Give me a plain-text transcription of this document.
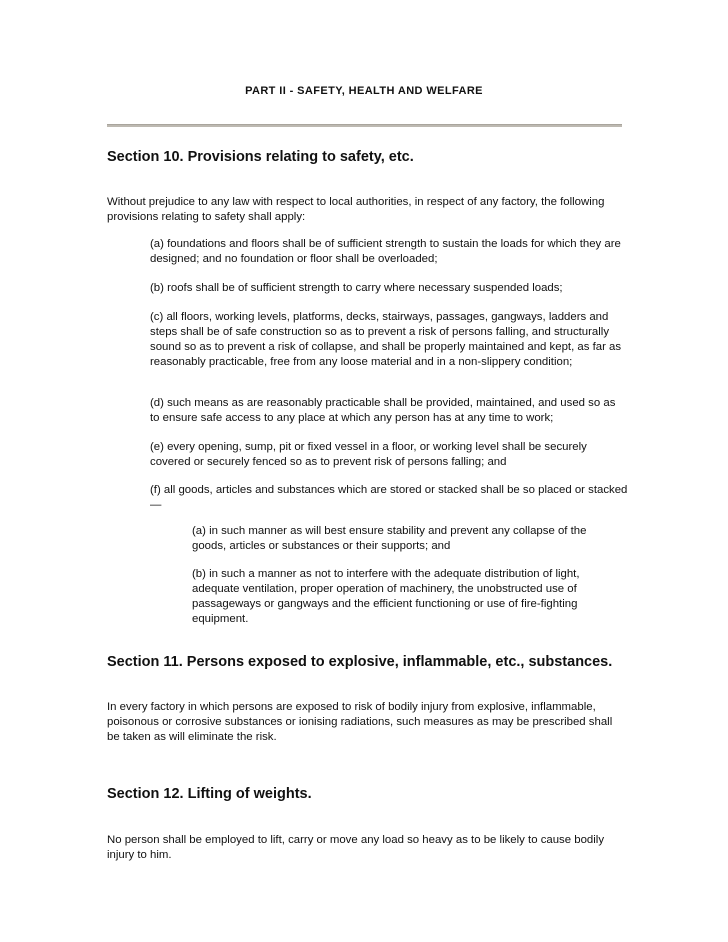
PART II - SAFETY, HEALTH AND WELFARE
Section 10. Provisions relating to safety, etc.

Without prejudice to any law with respect to local authorities, in respect of any factory, the following provisions relating to safety shall apply:

(a) foundations and floors shall be of sufficient strength to sustain the loads for which they are designed; and no foundation or floor shall be overloaded;

(b) roofs shall be of sufficient strength to carry where necessary suspended loads;

(c) all floors, working levels, platforms, decks, stairways, passages, gangways, ladders and steps shall be of safe construction so as to prevent a risk of persons falling, and structurally sound so as to prevent a risk of collapse, and shall be properly maintained and kept, as far as reasonably practicable, free from any loose material and in a non-slippery condition;

(d) such means as are reasonably practicable shall be provided, maintained, and used so as to ensure safe access to any place at which any person has at any time to work;

(e) every opening, sump, pit or fixed vessel in a floor, or working level shall be securely covered or securely fenced so as to prevent risk of persons falling; and

(f) all goods, articles and substances which are stored or stacked shall be so placed or stacked—

(a) in such manner as will best ensure stability and prevent any collapse of the goods, articles or substances or their supports; and

(b) in such a manner as not to interfere with the adequate distribution of light, adequate ventilation, proper operation of machinery, the unobstructed use of passageways or gangways and the efficient functioning or use of fire-fighting equipment.

Section 11. Persons exposed to explosive, inflammable, etc., substances.

In every factory in which persons are exposed to risk of bodily injury from explosive, inflammable, poisonous or corrosive substances or ionising radiations, such measures as may be prescribed shall be taken as will eliminate the risk.

Section 12. Lifting of weights.

No person shall be employed to lift, carry or move any load so heavy as to be likely to cause bodily injury to him.
